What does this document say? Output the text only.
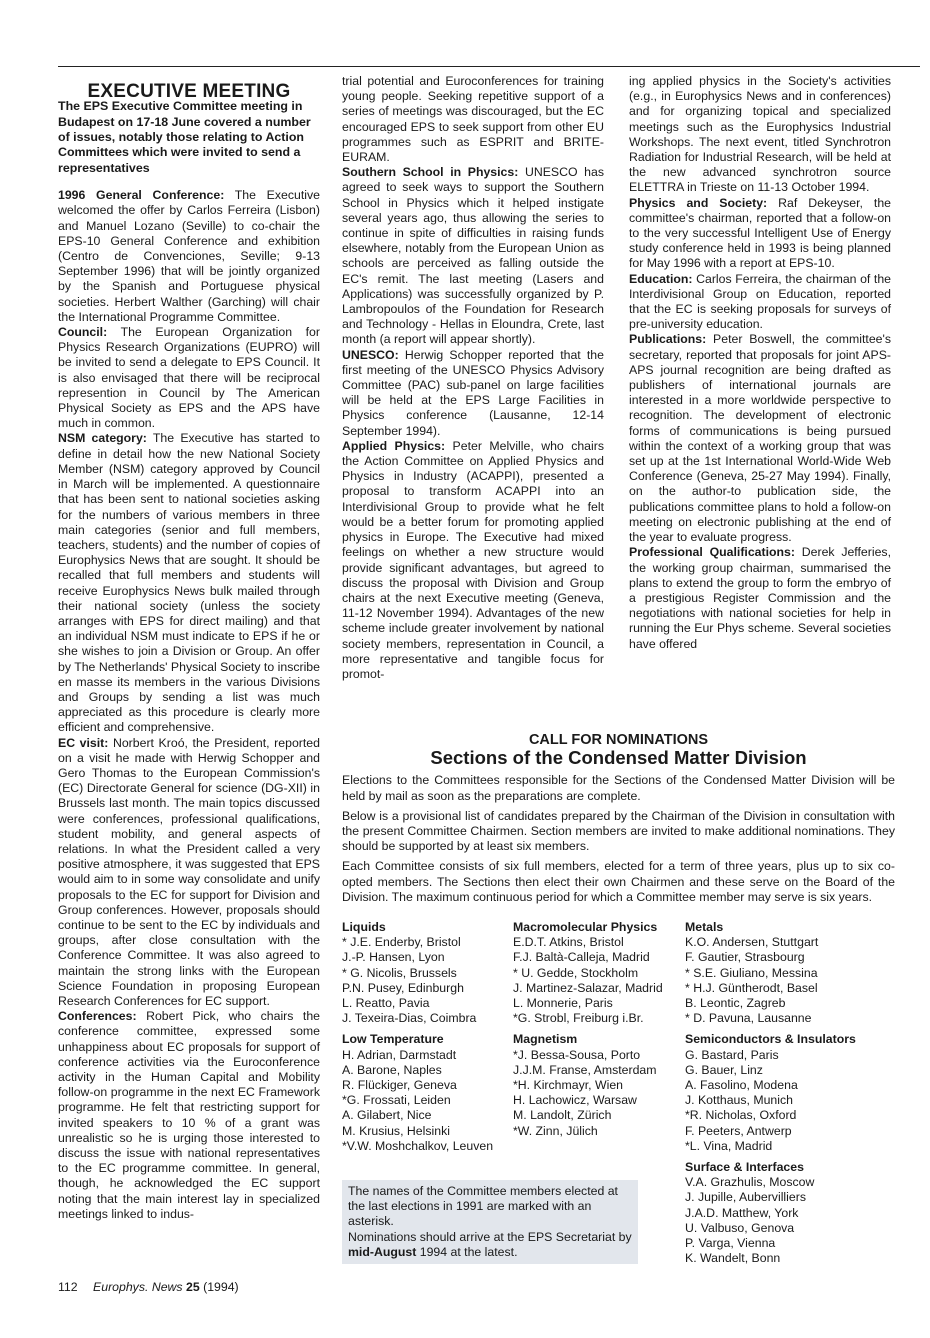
EXECUTIVE MEETING

The EPS Executive Committee meeting in Budapest on 17-18 June covered a number of issues, notably those relating to Action Committees which were invited to send a representatives

1996 General Conference: The Executive welcomed the offer by Carlos Ferreira (Lisbon) and Manuel Lozano (Seville) to co-chair the EPS-10 General Conference and exhibition (Centro de Convenciones, Seville; 9-13 September 1996) that will be jointly organized by the Spanish and Portuguese physical societies. Herbert Walther (Garching) will chair the International Programme Committee.

Council: The European Organization for Physics Research Organizations (EUPRO) will be invited to send a delegate to EPS Council. It is also envisaged that there will be reciprocal represention in Council by The American Physical Society as EPS and the APS have much in common.

NSM category: The Executive has started to define in detail how the new National Society Member (NSM) category approved by Council in March will be implemented. A questionnaire that has been sent to national societies asking for the numbers of various members in three main categories (senior and full members, teachers, students) and the number of copies of Europhysics News that are sought. It should be recalled that full members and students will receive Europhysics News bulk mailed through their national society (unless the society arranges with EPS for direct mailing) and that an individual NSM must indicate to EPS if he or she wishes to join a Division or Group. An offer by The Netherlands' Physical Society to inscribe en masse its members in the various Divisions and Groups by sending a list was much appreciated as this procedure is clearly more efficient and comprehensive.

EC visit: Norbert Kroó, the President, reported on a visit he made with Herwig Schopper and Gero Thomas to the European Commission's (EC) Directorate General for science (DG-XII) in Brussels last month. The main topics discussed were conferences, professional qualifications, student mobility, and general aspects of relations. In what the President called a very positive atmosphere, it was suggested that EPS would aim to in some way consolidate and unify proposals to the EC for support for Division and Group conferences. However, proposals should continue to be sent to the EC by individuals and groups, after close consultation with the Conference Committee. It was also agreed to maintain the strong links with the European Science Foundation in proposing European Research Conferences for EC support.

Conferences: Robert Pick, who chairs the conference committee, expressed some unhappiness about EC proposals for support of conference activities via the Euroconference activity in the Human Capital and Mobility follow-on programme in the next EC Framework programme. He felt that restricting support for invited speakers to 10 % of a grant was unrealistic so he is urging those interested to discuss the issue with national representatives to the EC programme committee. In general, though, he acknowledged the EC support noting that the main interest lay in specialized meetings linked to indus-

trial potential and Euroconferences for training young people. Seeking repetitive support of a series of meetings was discouraged, but the EC encouraged EPS to seek support from other EU programmes such as ESPRIT and BRITE-EURAM.

Southern School in Physics: UNESCO has agreed to seek ways to support the Southern School in Physics which it helped instigate several years ago, thus allowing the series to continue in spite of difficulties in raising funds elsewhere, notably from the European Union as schools are perceived as falling outside the EC's remit. The last meeting (Lasers and Applications) was successfully organized by P. Lambropoulos of the Foundation for Research and Technology - Hellas in Eloundra, Crete, last month (a report will appear shortly).

UNESCO: Herwig Schopper reported that the first meeting of the UNESCO Physics Advisory Committee (PAC) sub-panel on large facilities will be held at the EPS Large Facilities in Physics conference (Lausanne, 12-14 September 1994).

Applied Physics: Peter Melville, who chairs the Action Committee on Applied Physics and Physics in Industry (ACAPPI), presented a proposal to transform ACAPPI into an Interdivisional Group to provide what he felt would be a better forum for promoting applied physics in Europe. The Executive had mixed feelings on whether a new structure would provide significant advantages, but agreed to discuss the proposal with Division and Group chairs at the next Executive meeting (Geneva, 11-12 November 1994). Advantages of the new scheme include greater involvement by national society members, representation in Council, a more representative and tangible focus for promot-

ing applied physics in the Society's activities (e.g., in Europhysics News and in conferences) and for organizing topical and specialized meetings such as the Europhysics Industrial Workshops. The next event, titled Synchrotron Radiation for Industrial Research, will be held at the new advanced synchrotron source ELETTRA in Trieste on 11-13 October 1994.

Physics and Society: Raf Dekeyser, the committee's chairman, reported that a follow-on to the very successful Intelligent Use of Energy study conference held in 1993 is being planned for May 1996 with a report at EPS-10.

Education: Carlos Ferreira, the chairman of the Interdivisional Group on Education, reported that the EC is seeking proposals for surveys of pre-university education.

Publications: Peter Boswell, the committee's secretary, reported that proposals for joint APS-APS journal recognition are being drafted as publishers of international journals are interested in a more worldwide perspective to recognition. The development of electronic forms of communications is being pursued within the context of a working group that was set up at the 1st International World-Wide Web Conference (Geneva, 25-27 May 1994). Finally, on the author-to publication side, the publications committee plans to hold a follow-on meeting on electronic publishing at the end of the year to evaluate progress.

Professional Qualifications: Derek Jefferies, the working group chairman, summarised the plans to extend the group to form the embryo of a prestigious Register Commission and the negotiations with national societies for help in running the Eur Phys scheme. Several societies have offered

CALL FOR NOMINATIONS

Sections of the Condensed Matter Division

Elections to the Committees responsible for the Sections of the Condensed Matter Division will be held by mail as soon as the preparations are complete.

Below is a provisional list of candidates prepared by the Chairman of the Division in consultation with the present Committee Chairmen. Section members are invited to make additional nominations. They should be supported by at least six members.

Each Committee consists of six full members, elected for a term of three years, plus up to six co-opted members. The Sections then elect their own Chairmen and these serve on the Board of the Division. The maximum continuous period for which a Committee member may serve is six years.

Liquids

* J.E. Enderby, Bristol

J.-P. Hansen, Lyon

* G. Nicolis, Brussels

P.N. Pusey, Edinburgh

L. Reatto, Pavia

J. Texeira-Dias, Coimbra

Low Temperature

H. Adrian, Darmstadt

A. Barone, Naples

R. Flückiger, Geneva

*G. Frossati, Leiden

A. Gilabert, Nice

M. Krusius, Helsinki

*V.W. Moshchalkov, Leuven

Macromolecular Physics

E.D.T. Atkins, Bristol

F.J. Baltà-Calleja, Madrid

* U. Gedde, Stockholm

J. Martinez-Salazar, Madrid

L. Monnerie, Paris

*G. Strobl, Freiburg i.Br.

Magnetism

*J. Bessa-Sousa, Porto

J.J.M. Franse, Amsterdam

*H. Kirchmayr, Wien

H. Lachowicz, Warsaw

M. Landolt, Zürich

*W. Zinn, Jülich

Metals

K.O. Andersen, Stuttgart

F. Gautier, Strasbourg

* S.E. Giuliano, Messina

* H.J. Güntherodt, Basel

B. Leontic, Zagreb

* D. Pavuna, Lausanne

Semiconductors & Insulators

G. Bastard, Paris

G. Bauer, Linz

A. Fasolino, Modena

J. Kotthaus, Munich

*R. Nicholas, Oxford

F. Peeters, Antwerp

*L. Vina, Madrid

Surface & Interfaces

V.A. Grazhulis, Moscow

J. Jupille, Aubervilliers

J.A.D. Matthew, York

U. Valbuso, Genova

P. Varga, Vienna

K. Wandelt, Bonn

The names of the Committee members elected at the last elections in 1991 are marked with an asterisk.

Nominations should arrive at the EPS Secretariat by mid-August 1994 at the latest.

112 Europhys. News 25 (1994)
